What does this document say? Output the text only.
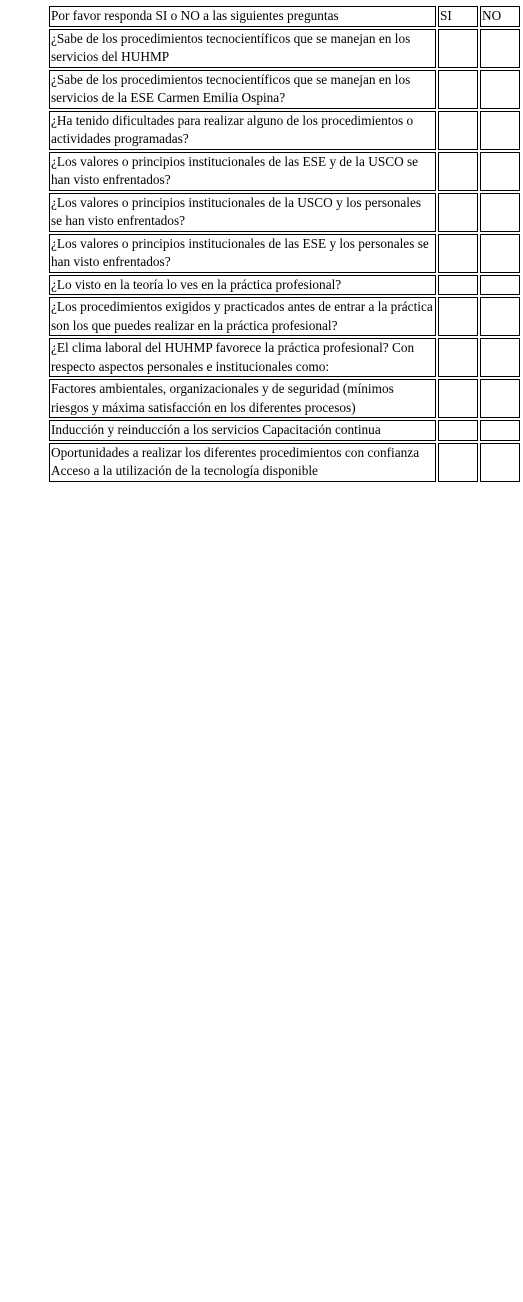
Por favor responda SI o NO a las siguientes preguntas	SI	NO
¿Sabe de los procedimientos tecnocientíficos que se manejan en los servicios del HUHMP		
¿Sabe de los procedimientos tecnocientíficos que se manejan en los servicios de la ESE Carmen Emilia Ospina?		
¿Ha tenido dificultades para realizar alguno de los procedimientos o actividades programadas?		
¿Los valores o principios institucionales de las ESE y de la USCO se han visto enfrentados?		
¿Los valores o principios institucionales de la USCO y los personales se han visto enfrentados?		
¿Los valores o principios institucionales de las ESE y los personales se han visto enfrentados?		
¿Lo visto en la teoría lo ves en la práctica profesional?		
¿Los procedimientos exigidos y practicados antes de entrar a la práctica son los que puedes realizar en la práctica profesional?		
¿El clima laboral del HUHMP favorece la práctica profesional? Con respecto aspectos personales e institucionales como:		
Factores ambientales, organizacionales y de seguridad (mínimos riesgos y máxima satisfacción en los diferentes procesos)		
Inducción y reinducción a los servicios Capacitación continua		
Oportunidades a realizar los diferentes procedimientos con confianza Acceso a la utilización de la tecnología disponible		
